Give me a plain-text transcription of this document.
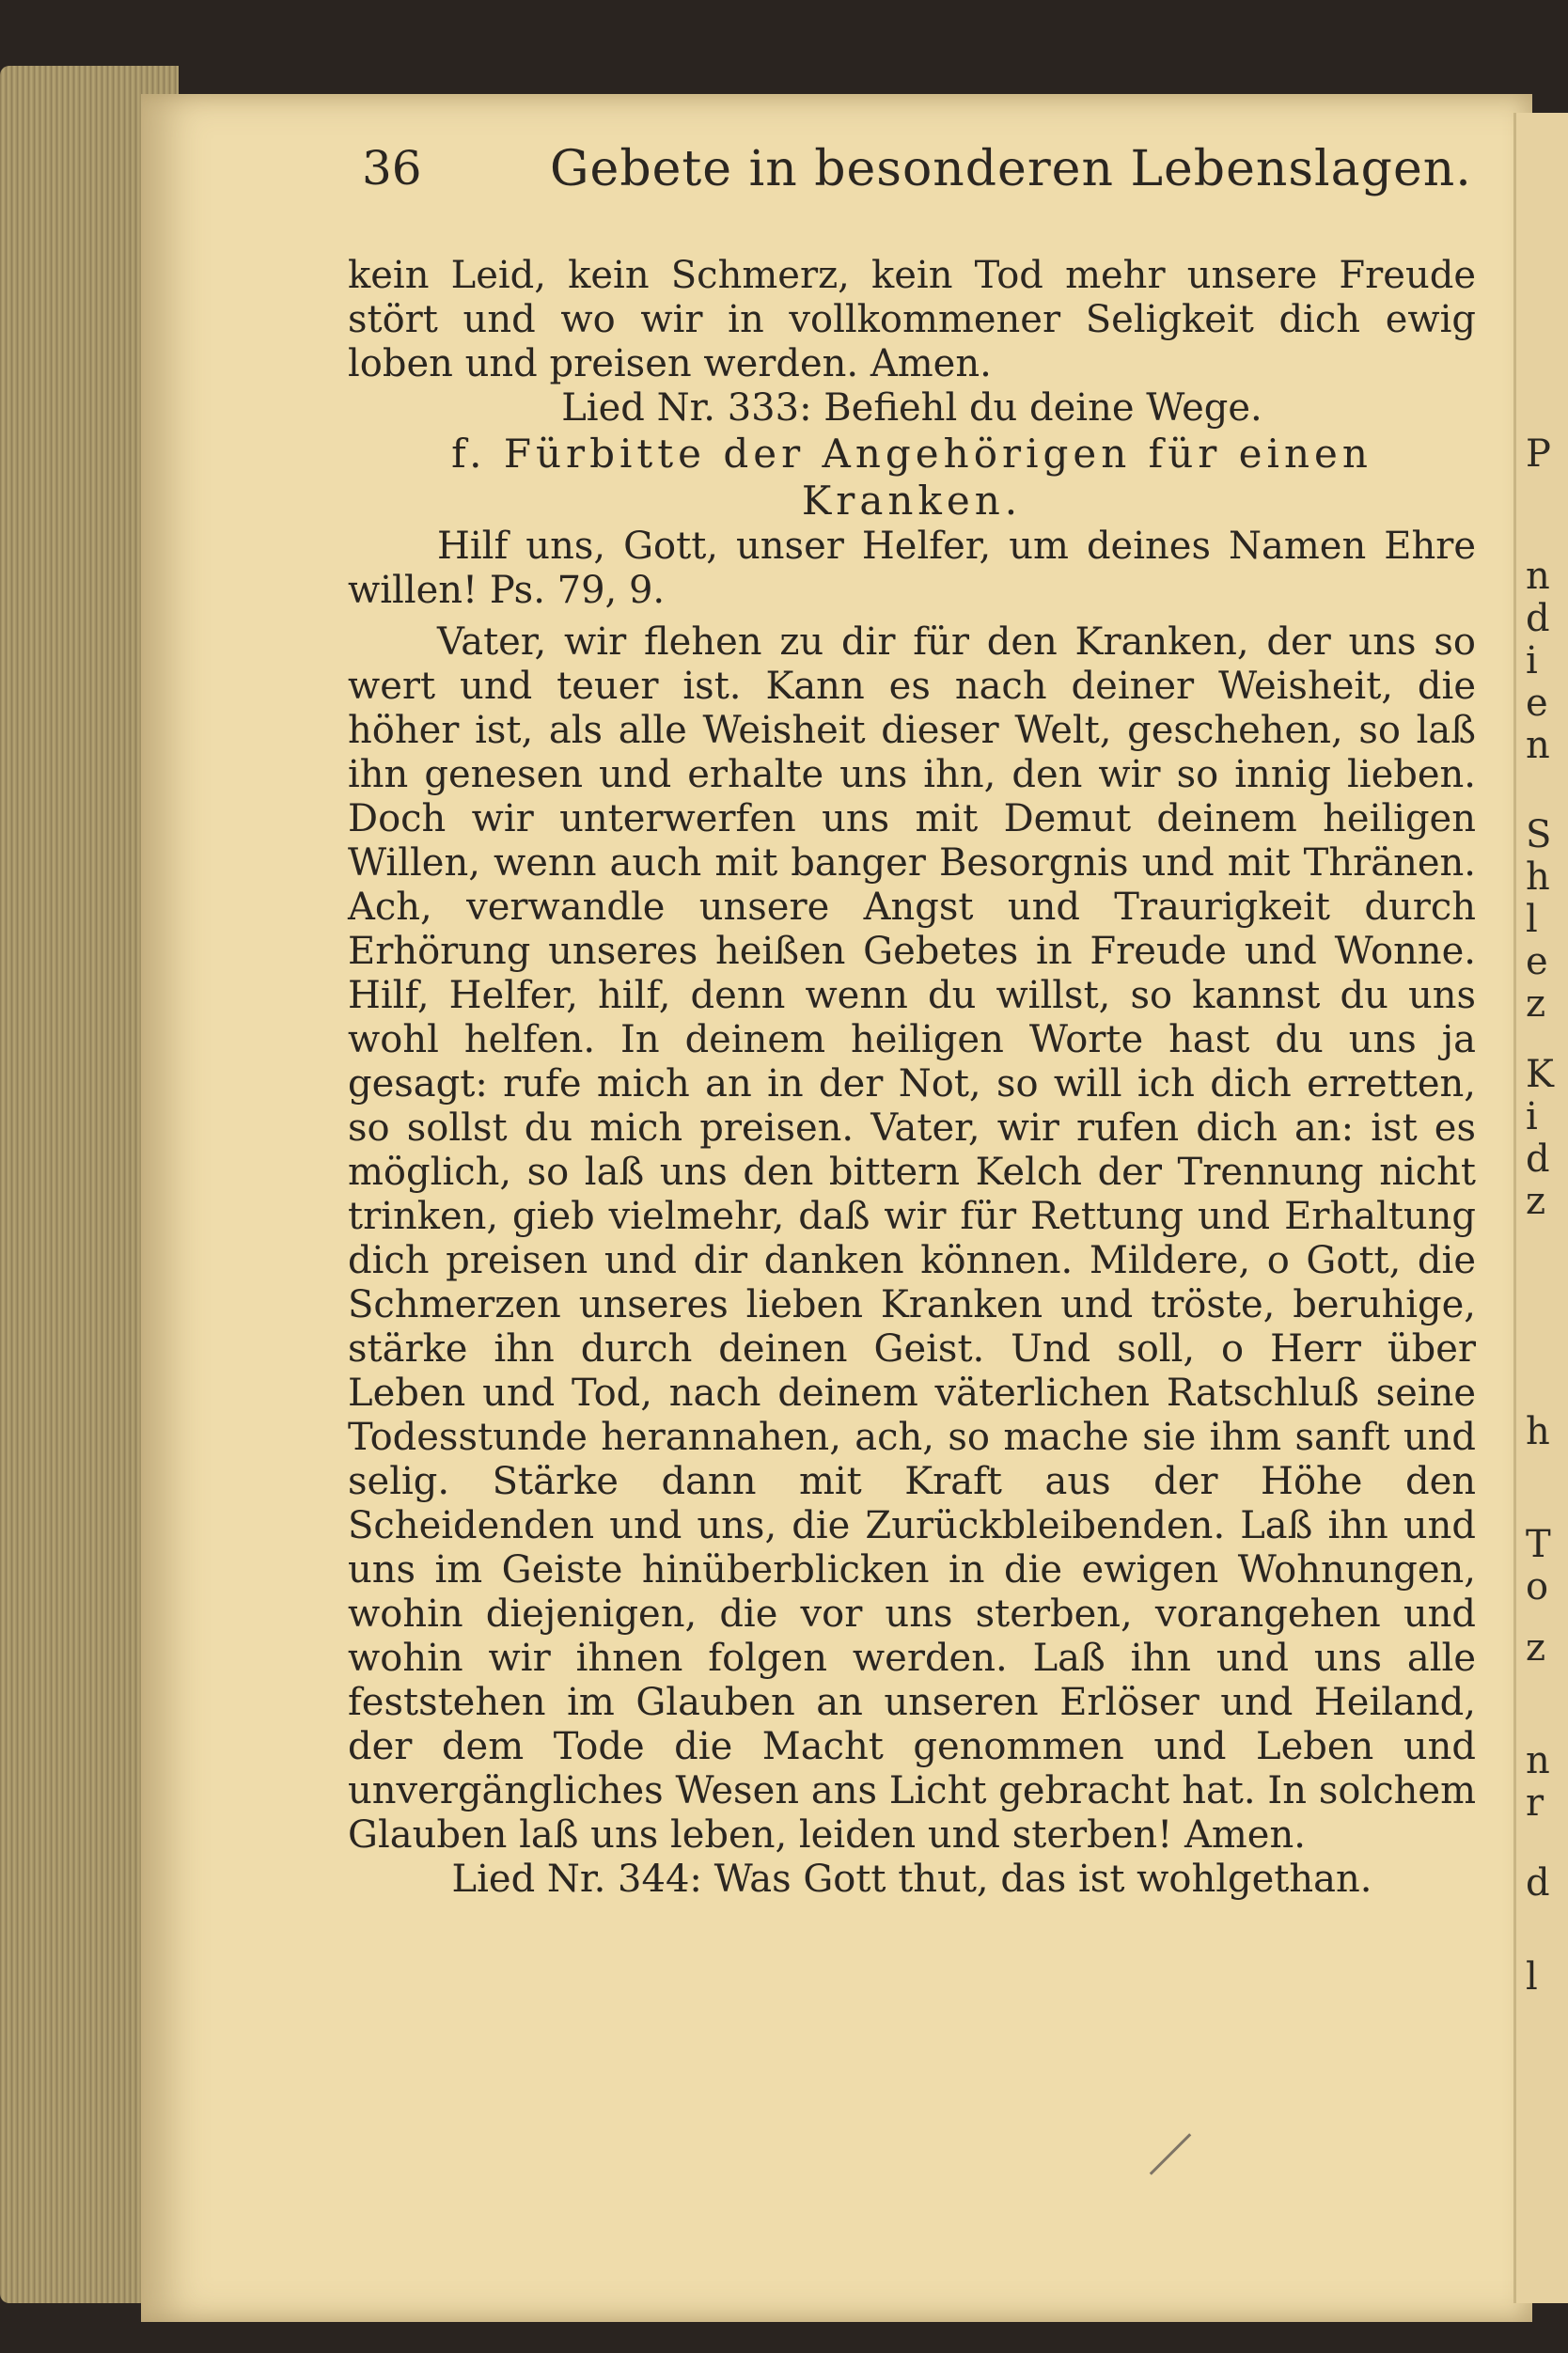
P
n
d
i
e
n
S
h
l
e
z
K
i
d
z
h
T
o
z
n
r
d
l
36	Gebete in besonderen Lebenslagen.

kein Leid, kein Schmerz, kein Tod mehr unsere Freude stört und wo wir in vollkommener Seligkeit dich ewig loben und preisen werden. Amen.

Lied Nr. 333: Befiehl du deine Wege.

f. Fürbitte der Angehörigen für einen Kranken.

Hilf uns, Gott, unser Helfer, um deines Namen Ehre willen! Ps. 79, 9.

Vater, wir flehen zu dir für den Kranken, der uns so wert und teuer ist. Kann es nach deiner Weisheit, die höher ist, als alle Weisheit dieser Welt, geschehen, so laß ihn genesen und erhalte uns ihn, den wir so innig lieben. Doch wir unterwerfen uns mit Demut deinem heiligen Willen, wenn auch mit banger Besorgnis und mit Thränen. Ach, verwandle unsere Angst und Traurigkeit durch Erhörung unseres heißen Gebetes in Freude und Wonne. Hilf, Helfer, hilf, denn wenn du willst, so kannst du uns wohl helfen. In deinem heiligen Worte hast du uns ja gesagt: rufe mich an in der Not, so will ich dich erretten, so sollst du mich preisen. Vater, wir rufen dich an: ist es möglich, so laß uns den bittern Kelch der Trennung nicht trinken, gieb vielmehr, daß wir für Rettung und Erhaltung dich preisen und dir danken können. Mildere, o Gott, die Schmerzen unseres lieben Kranken und tröste, beruhige, stärke ihn durch deinen Geist. Und soll, o Herr über Leben und Tod, nach deinem väterlichen Ratschluß seine Todesstunde herannahen, ach, so mache sie ihm sanft und selig. Stärke dann mit Kraft aus der Höhe den Scheidenden und uns, die Zurückbleibenden. Laß ihn und uns im Geiste hinüberblicken in die ewigen Wohnungen, wohin diejenigen, die vor uns sterben, vorangehen und wohin wir ihnen folgen werden. Laß ihn und uns alle feststehen im Glauben an unseren Erlöser und Heiland, der dem Tode die Macht genommen und Leben und unvergängliches Wesen ans Licht gebracht hat. In solchem Glauben laß uns leben, leiden und sterben! Amen.

Lied Nr. 344: Was Gott thut, das ist wohlgethan.
